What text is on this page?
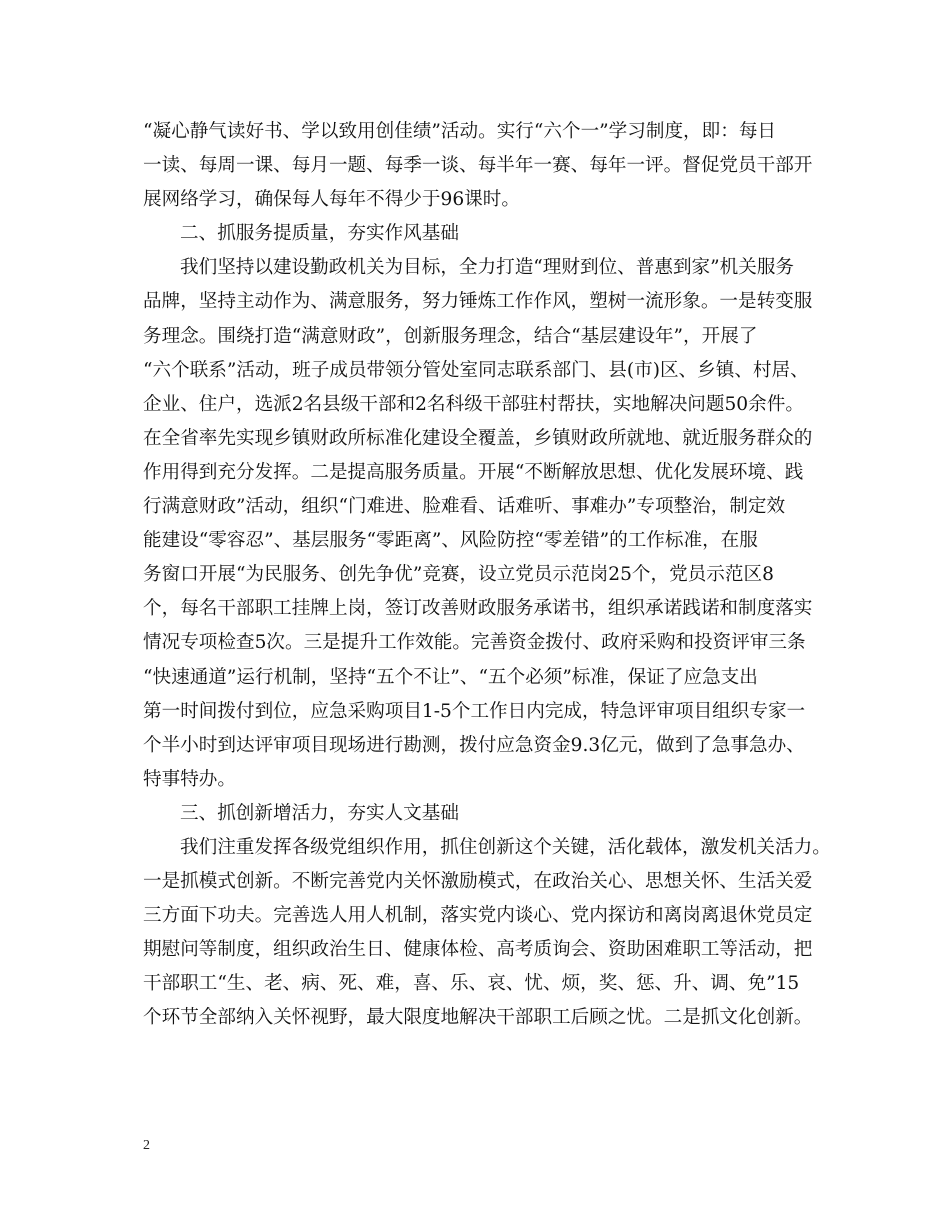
“凝心静气读好书、学以致用创佳绩”活动。实行“六个一”学习制度，即：每日
一读、每周一课、每月一题、每季一谈、每半年一赛、每年一评。督促党员干部开
展网络学习，确保每人每年不得少于96课时。
二、抓服务提质量，夯实作风基础
我们坚持以建设勤政机关为目标，全力打造“理财到位、普惠到家”机关服务
品牌，坚持主动作为、满意服务，努力锤炼工作作风，塑树一流形象。一是转变服
务理念。围绕打造“满意财政”，创新服务理念，结合“基层建设年”，开展了
“六个联系”活动，班子成员带领分管处室同志联系部门、县(市)区、乡镇、村居、
企业、住户，选派2名县级干部和2名科级干部驻村帮扶，实地解决问题50余件。
在全省率先实现乡镇财政所标准化建设全覆盖，乡镇财政所就地、就近服务群众的
作用得到充分发挥。二是提高服务质量。开展“不断解放思想、优化发展环境、践
行满意财政”活动，组织“门难进、脸难看、话难听、事难办”专项整治，制定效
能建设“零容忍”、基层服务“零距离”、风险防控“零差错”的工作标准，在服
务窗口开展“为民服务、创先争优”竞赛，设立党员示范岗25个，党员示范区8
个，每名干部职工挂牌上岗，签订改善财政服务承诺书，组织承诺践诺和制度落实
情况专项检查5次。三是提升工作效能。完善资金拨付、政府采购和投资评审三条
“快速通道”运行机制，坚持“五个不让”、“五个必须”标准，保证了应急支出
第一时间拨付到位，应急采购项目1-5个工作日内完成，特急评审项目组织专家一
个半小时到达评审项目现场进行勘测，拨付应急资金9.3亿元，做到了急事急办、
特事特办。
三、抓创新增活力，夯实人文基础
我们注重发挥各级党组织作用，抓住创新这个关键，活化载体，激发机关活力。
一是抓模式创新。不断完善党内关怀激励模式，在政治关心、思想关怀、生活关爱
三方面下功夫。完善选人用人机制，落实党内谈心、党内探访和离岗离退休党员定
期慰问等制度，组织政治生日、健康体检、高考质询会、资助困难职工等活动，把
干部职工“生、老、病、死、难，喜、乐、哀、忧、烦，奖、惩、升、调、免”15
个环节全部纳入关怀视野，最大限度地解决干部职工后顾之忧。二是抓文化创新。
2
